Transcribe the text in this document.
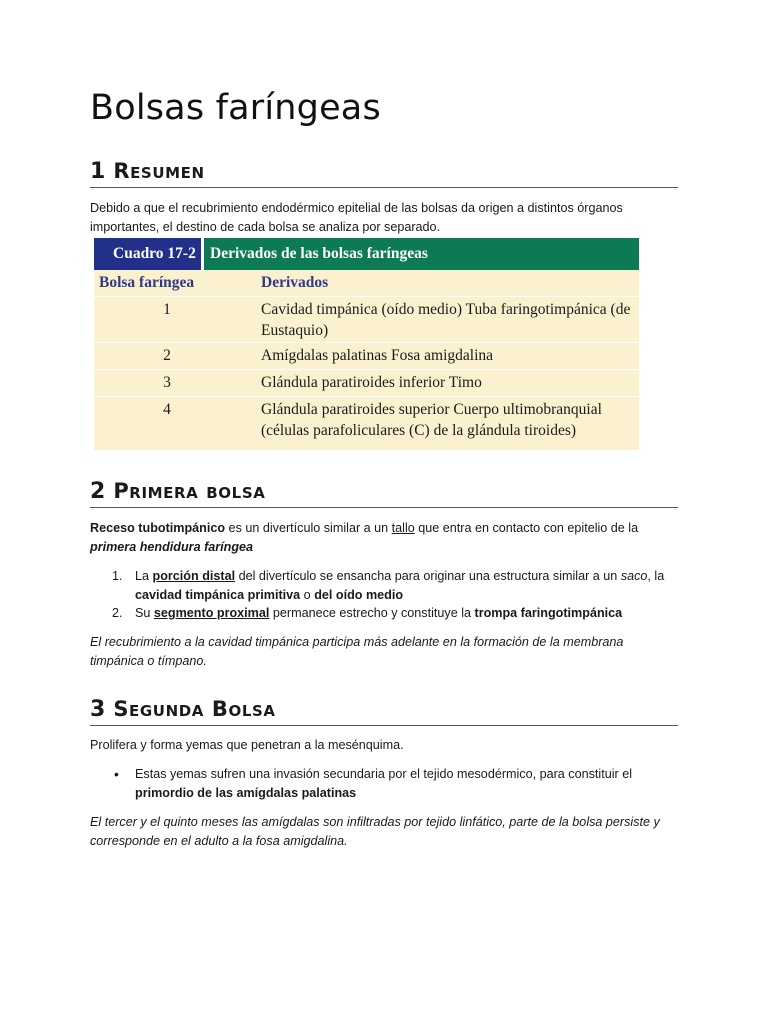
Bolsas faríngeas
1 Resumen

Debido a que el recubrimiento endodérmico epitelial de las bolsas da origen a distintos órganos importantes, el destino de cada bolsa se analiza por separado.

Cuadro 17-2 Derivados de las bolsas faríngeas
Bolsa faríngea	Derivados
1	Cavidad timpánica (oído medio) Tuba faringotimpánica (de Eustaquio)
2	Amígdalas palatinas Fosa amigdalina
3	Glándula paratiroides inferior Timo
4	Glándula paratiroides superior Cuerpo ultimobranquial (células parafoliculares (C) de la glándula tiroides)
2 Primera bolsa

Receso tubotimpánico es un divertículo similar a un tallo que entra en contacto con epitelio de la primera hendidura faríngea

1. La porción distal del divertículo se ensancha para originar una estructura similar a un saco, la cavidad timpánica primitiva o del oído medio
2. Su segmento proximal permanece estrecho y constituye la trompa faringotimpánica

El recubrimiento a la cavidad timpánica participa más adelante en la formación de la membrana timpánica o tímpano.

3 Segunda Bolsa

Prolifera y forma yemas que penetran a la mesénquima.

• Estas yemas sufren una invasión secundaria por el tejido mesodérmico, para constituir el primordio de las amígdalas palatinas

El tercer y el quinto meses las amígdalas son infiltradas por tejido linfático, parte de la bolsa persiste y corresponde en el adulto a la fosa amigdalina.
